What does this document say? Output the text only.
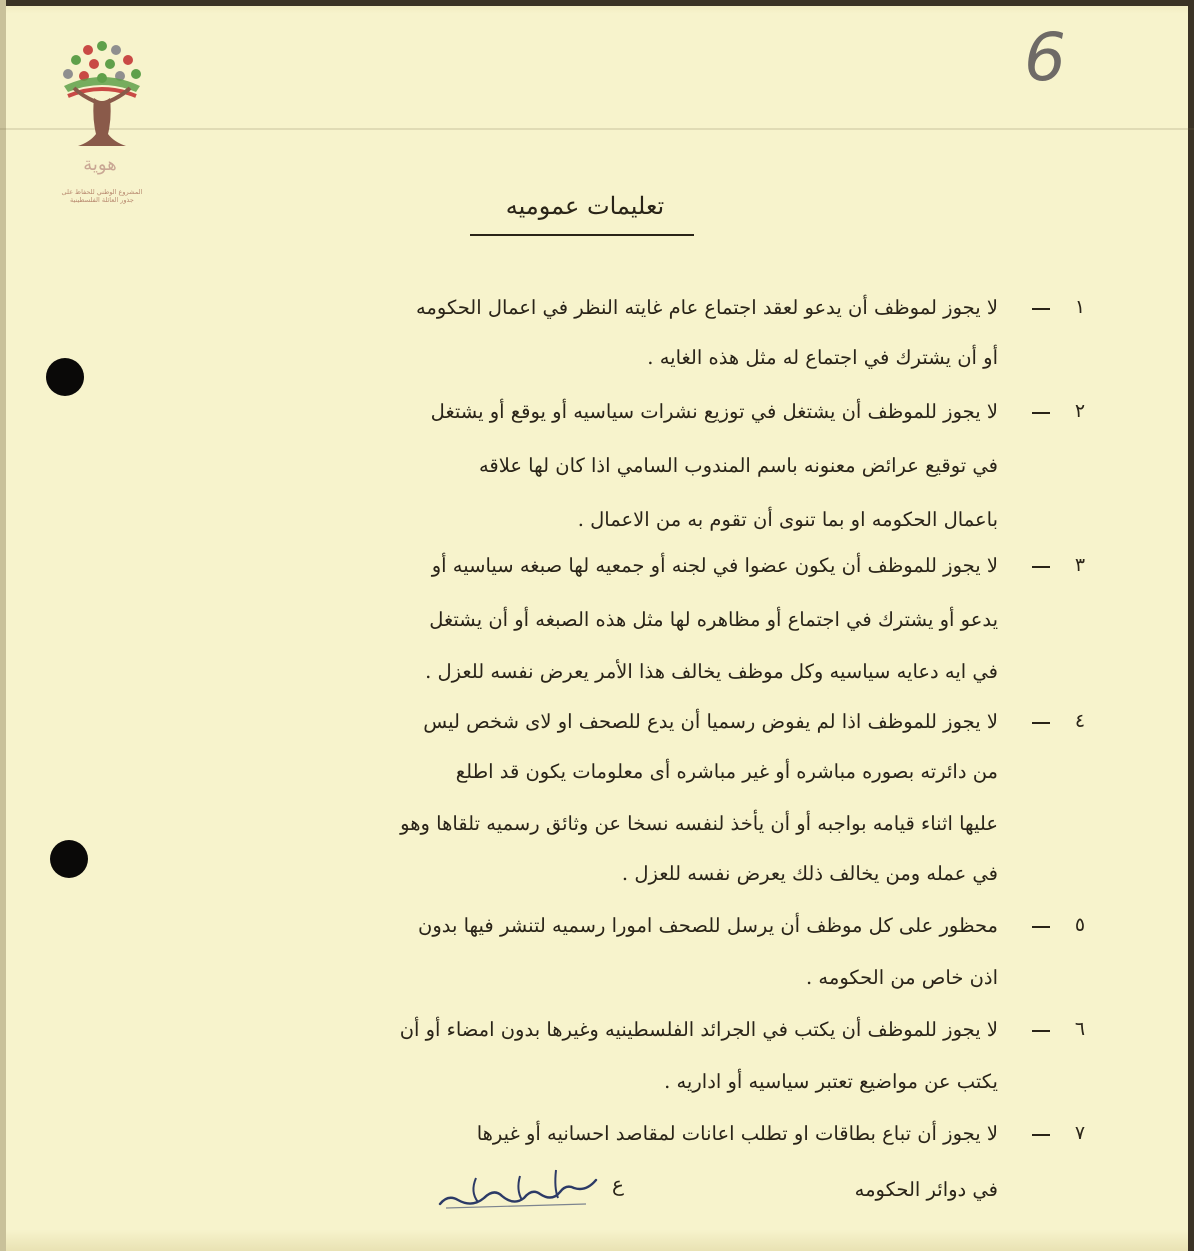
6
هوية
المشروع الوطني للحفاظ على
جذور العائلة الفلسطينية	تعليمات عموميه
١
لا يجوز لموظف أن يدعو لعقد اجتماع عام غايته النظر في اعمال الحكومه
أو أن يشترك في اجتماع له مثل هذه الغايه .
٢
لا يجوز للموظف أن يشتغل في توزيع نشرات سياسيه أو يوقع أو يشتغل
في توقيع عرائض معنونه باسم المندوب السامي اذا كان لها علاقه
باعمال الحكومه او بما تنوى أن تقوم به من الاعمال .
٣
لا يجوز للموظف أن يكون عضوا في لجنه أو جمعيه لها صبغه سياسيه أو
يدعو أو يشترك في اجتماع أو مظاهره لها مثل هذه الصبغه أو أن يشتغل
في ايه دعايه سياسيه وكل موظف يخالف هذا الأمر يعرض نفسه للعزل .
٤
لا يجوز للموظف اذا لم يفوض رسميا أن يدع للصحف او لاى شخص ليس
من دائرته بصوره مباشره أو غير مباشره أى معلومات يكون قد اطلع
عليها اثناء قيامه بواجبه أو أن يأخذ لنفسه نسخا عن وثائق رسميه تلقاها وهو
في عمله ومن يخالف ذلك يعرض نفسه للعزل .
٥
محظور على كل موظف أن يرسل للصحف امورا رسميه لتنشر فيها بدون
اذن خاص من الحكومه .
٦
لا يجوز للموظف أن يكتب في الجرائد الفلسطينيه وغيرها بدون امضاء أو أن
يكتب عن مواضيع تعتبر سياسيه أو اداريه .
٧
لا يجوز أن تباع بطاقات او تطلب اعانات لمقاصد احسانيه أو غيرها
في دوائر الحكومه
ع
